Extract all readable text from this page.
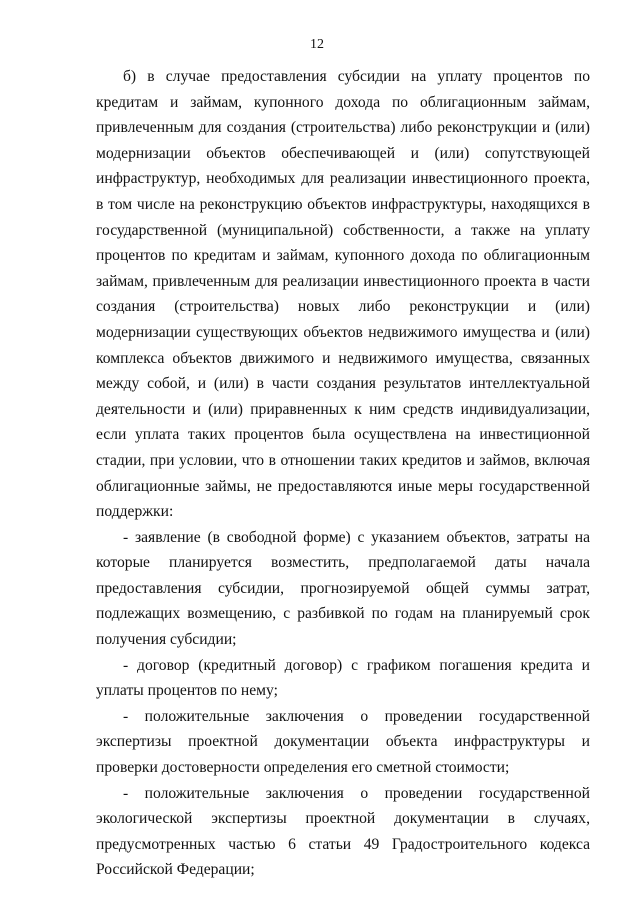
12

б) в случае предоставления субсидии на уплату процентов по кредитам и займам, купонного дохода по облигационным займам, привлеченным для создания (строительства) либо реконструкции и (или) модернизации объектов обеспечивающей и (или) сопутствующей инфраструктур, необходимых для реализации инвестиционного проекта, в том числе на реконструкцию объектов инфраструктуры, находящихся в государственной (муниципальной) собственности, а также на уплату процентов по кредитам и займам, купонного дохода по облигационным займам, привлеченным для реализации инвестиционного проекта в части создания (строительства) новых либо реконструкции и (или) модернизации существующих объектов недвижимого имущества и (или) комплекса объектов движимого и недвижимого имущества, связанных между собой, и (или) в части создания результатов интеллектуальной деятельности и (или) приравненных к ним средств индивидуализации, если уплата таких процентов была осуществлена на инвестиционной стадии, при условии, что в отношении таких кредитов и займов, включая облигационные займы, не предоставляются иные меры государственной поддержки:

- заявление (в свободной форме) с указанием объектов, затраты на которые планируется возместить, предполагаемой даты начала предоставления субсидии, прогнозируемой общей суммы затрат, подлежащих возмещению, с разбивкой по годам на планируемый срок получения субсидии;

- договор (кредитный договор) с графиком погашения кредита и уплаты процентов по нему;

- положительные заключения о проведении государственной экспертизы проектной документации объекта инфраструктуры и проверки достоверности определения его сметной стоимости;

- положительные заключения о проведении государственной экологической экспертизы проектной документации в случаях, предусмотренных частью 6 статьи 49 Градостроительного кодекса Российской Федерации;
